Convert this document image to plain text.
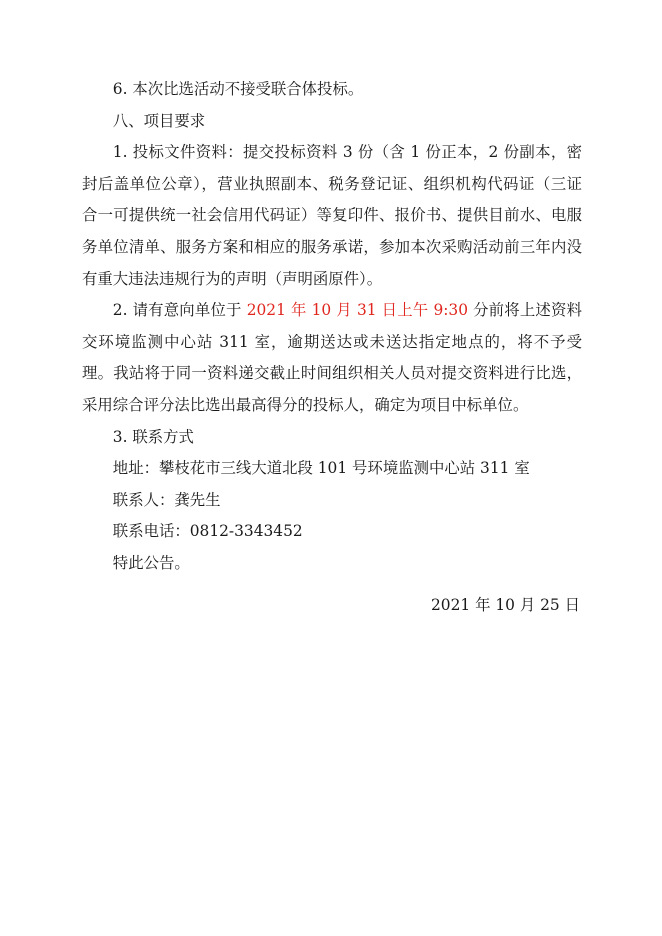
6. 本次比选活动不接受联合体投标。

八、项目要求

1. 投标文件资料：提交投标资料 3 份（含 1 份正本，2 份副本，密封后盖单位公章），营业执照副本、税务登记证、组织机构代码证（三证合一可提供统一社会信用代码证）等复印件、报价书、提供目前水、电服务单位清单、服务方案和相应的服务承诺，参加本次采购活动前三年内没有重大违法违规行为的声明（声明函原件）。

2. 请有意向单位于 2021 年 10 月 31 日上午 9:30 分前将上述资料交环境监测中心站 311 室，逾期送达或未送达指定地点的，将不予受理。我站将于同一资料递交截止时间组织相关人员对提交资料进行比选，采用综合评分法比选出最高得分的投标人，确定为项目中标单位。

3. 联系方式

地址：攀枝花市三线大道北段 101 号环境监测中心站 311 室

联系人：龚先生

联系电话：0812-3343452

特此公告。

2021 年 10 月 25 日
